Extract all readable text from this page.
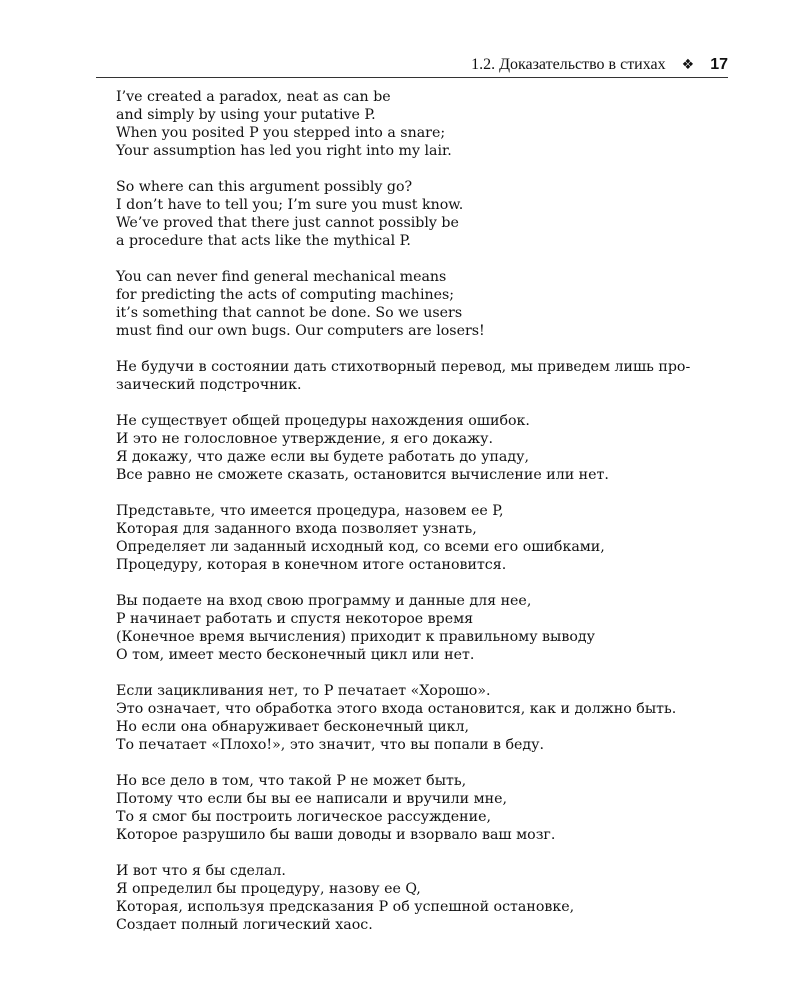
1.2. Доказательство в стихах ❖ 17
I’ve created a paradox, neat as can be
and simply by using your putative P.
When you posited P you stepped into a snare;
Your assumption has led you right into my lair.
So where can this argument possibly go?
I don’t have to tell you; I’m sure you must know.
We’ve proved that there just cannot possibly be
a procedure that acts like the mythical P.
You can never find general mechanical means
for predicting the acts of computing machines;
it’s something that cannot be done. So we users
must find our own bugs. Our computers are losers!
Не будучи в состоянии дать стихотворный перевод, мы приведем лишь про-
заический подстрочник.
Не существует общей процедуры нахождения ошибок.
И это не голословное утверждение, я его докажу.
Я докажу, что даже если вы будете работать до упаду,
Все равно не сможете сказать, остановится вычисление или нет.
Представьте, что имеется процедура, назовем ее P,
Которая для заданного входа позволяет узнать,
Определяет ли заданный исходный код, со всеми его ошибками,
Процедуру, которая в конечном итоге остановится.
Вы подаете на вход свою программу и данные для нее,
P начинает работать и спустя некоторое время
(Конечное время вычисления) приходит к правильному выводу
О том, имеет место бесконечный цикл или нет.
Если зацикливания нет, то P печатает «Хорошо».
Это означает, что обработка этого входа остановится, как и должно быть.
Но если она обнаруживает бесконечный цикл,
То печатает «Плохо!», это значит, что вы попали в беду.
Но все дело в том, что такой P не может быть,
Потому что если бы вы ее написали и вручили мне,
То я смог бы построить логическое рассуждение,
Которое разрушило бы ваши доводы и взорвало ваш мозг.
И вот что я бы сделал.
Я определил бы процедуру, назову ее Q,
Которая, используя предсказания P об успешной остановке,
Создает полный логический хаос.
